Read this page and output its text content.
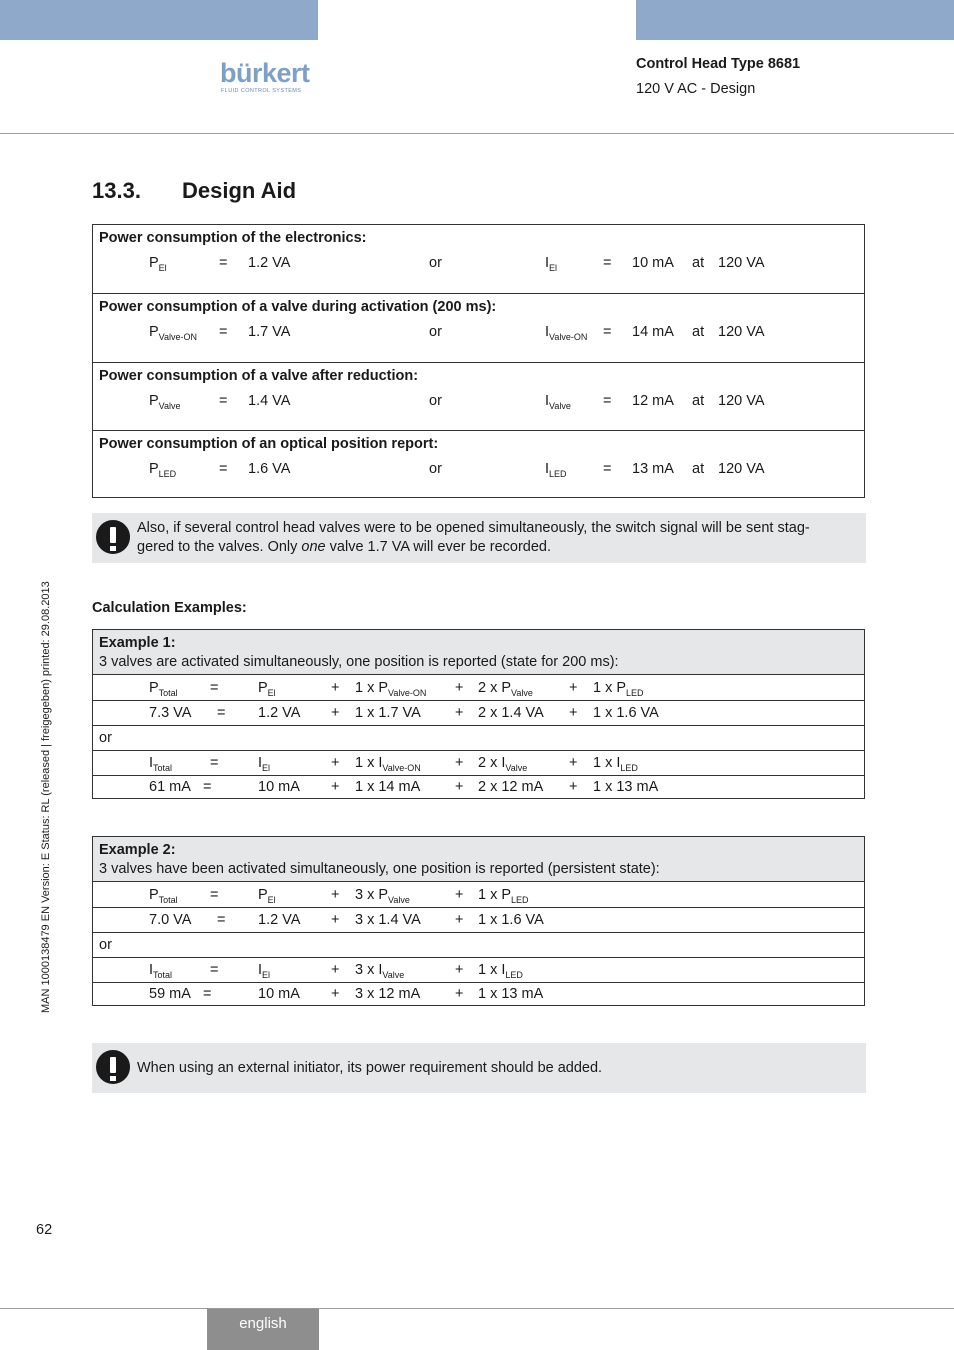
bürkert
FLUID CONTROL SYSTEMS
Control Head Type 8681
120 V AC - Design
13.3. Design Aid
Power consumption of the electronics:
$P_{El}$	= 1.2 VA	or	$I_{El}$	= 10 mA at 120 VA
Power consumption of a valve during activation (200 ms):
$P_{Valve-ON} = 1.7$ VA	or	$I_{Valve-ON} = 14$ mA at 120 VA
Power consumption of a valve after reduction:
$P_{Valve}$	= 1.4 VA	or	$I_{Valve} = 12$ mA at 120 VA
Power consumption of an optical position report:
$P_{LED}$	= 1.6 VA	or	$I_{LED}$	= 13 mA at 120 VA
Also, if several control head valves were to be opened simultaneously, the switch signal will be sent stag-
gered to the valves. Only one valve 1.7 VA will ever be recorded.
Calculation Examples:
Example 1:
3 valves are activated simultaneously, one position is reported (state for 200 ms):
$P_{Total}$ =	$P_{El}$	+ 1 x $P_{Valve-ON} + 2$ x $P_{Valve} + 1$ x $P_{LED}$
7.3 VA = 1.2 VA + 1 x 1.7 VA + 2 x 1.4 VA + 1 x 1.6 VA
or
$I_{Total}$	=	$I_{El}$	+ 1 x $I_{Valve-ON} + 2$ x $I_{Valve}$	+ 1 x $I_{LED}$
61 mA =	10 mA + 1 x 14 mA + 2 x 12 mA + 1 x 13 mA
Example 2:
3 valves have been activated simultaneously, one position is reported (persistent state):
$P_{Total}$ =	$P_{El}$	+ 3 x $P_{Valve}$	+ 1 x $P_{LED}$
7.0 VA = 1.2 VA + 3 x 1.4 VA + 1 x 1.6 VA
or
$I_{Total}$	=	$I_{El}$	+ 3 x $I_{Valve}$	+ 1 x $I_{LED}$
59 mA =	10 mA + 3 x 12 mA + 1 x 13 mA
When using an external initiator, its power requirement should be added.
MAN 1000138479 EN Version: E Status: RL (released | freigegeben) printed: 29.08.2013
62
english
